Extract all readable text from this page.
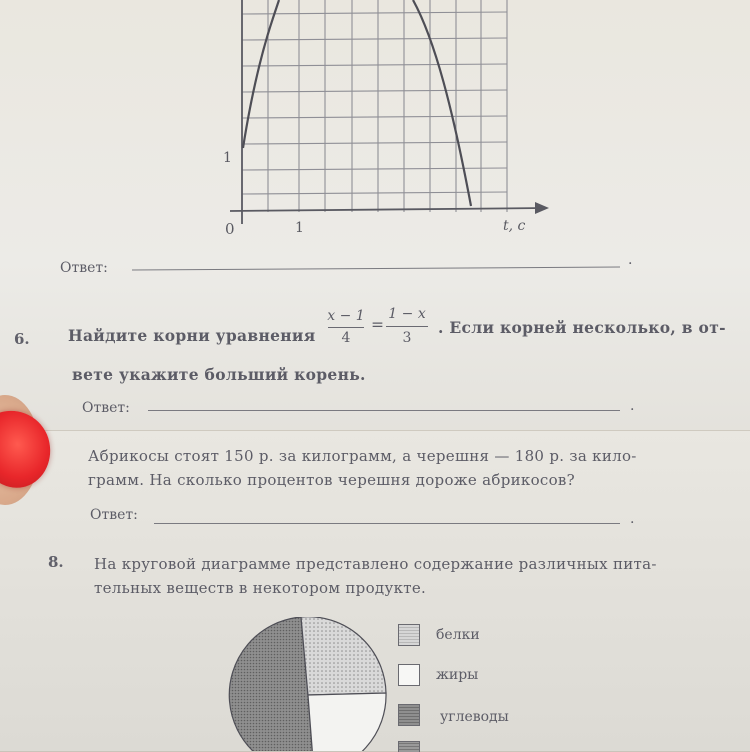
1
0	1	t, с
Ответ:	.
6. Найдите корни уравнения
x − 1
4
=
1 − x
3
. Если корней несколько, в от-
вете укажите больший корень.
Ответ:	.
Абрикосы стоят 150 р. за килограмм, а черешня — 180 р. за кило-
грамм. На сколько процентов черешня дороже абрикосов?
Ответ:	.
8. На круговой диаграмме представлено содержание различных пита-
тельных веществ в некотором продукте.
белки
жиры
углеводы
